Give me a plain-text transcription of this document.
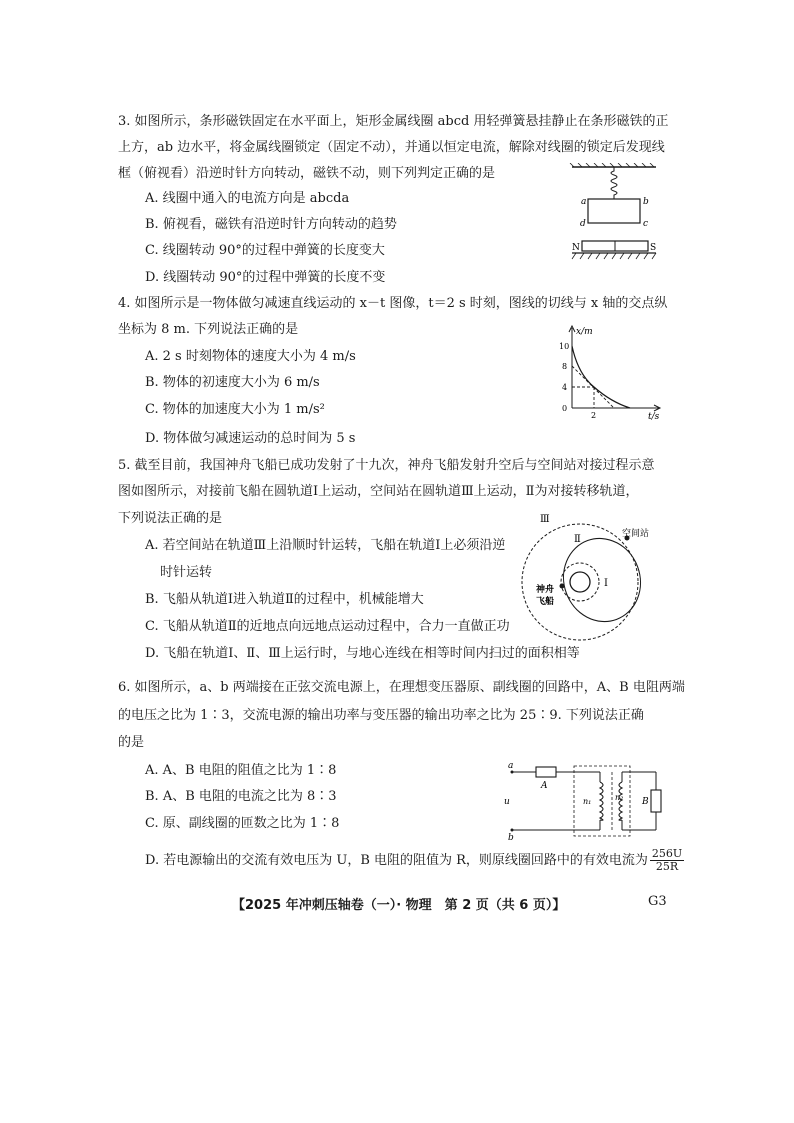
3. 如图所示，条形磁铁固定在水平面上，矩形金属线圈 abcd 用轻弹簧悬挂静止在条形磁铁的正
上方，ab 边水平，将金属线圈锁定（固定不动），并通以恒定电流，解除对线圈的锁定后发现线
框（俯视看）沿逆时针方向转动，磁铁不动，则下列判定正确的是
A. 线圈中通入的电流方向是 abcda
B. 俯视看，磁铁有沿逆时针方向转动的趋势
C. 线圈转动 90°的过程中弹簧的长度变大
D. 线圈转动 90°的过程中弹簧的长度不变
a	b
c
d
N	S
4. 如图所示是一物体做匀减速直线运动的 x－t 图像，t＝2 s 时刻，图线的切线与 x 轴的交点纵
坐标为 8 m. 下列说法正确的是
A. 2 s 时刻物体的速度大小为 4 m/s
B. 物体的初速度大小为 6 m/s
C. 物体的加速度大小为 1 m/s²
D. 物体做匀减速运动的总时间为 5 s
x/m
t/s
10
8
4
0
2
5. 截至目前，我国神舟飞船已成功发射了十九次，神舟飞船发射升空后与空间站对接过程示意
图如图所示，对接前飞船在圆轨道Ⅰ上运动，空间站在圆轨道Ⅲ上运动，Ⅱ为对接转移轨道，
下列说法正确的是
A. 若空间站在轨道Ⅲ上沿顺时针运转，飞船在轨道Ⅰ上必须沿逆
时针运转
B. 飞船从轨道Ⅰ进入轨道Ⅱ的过程中，机械能增大
C. 飞船从轨道Ⅱ的近地点向远地点运动过程中，合力一直做正功
D. 飞船在轨道Ⅰ、Ⅱ、Ⅲ上运行时，与地心连线在相等时间内扫过的面积相等
Ⅲ
Ⅱ
Ⅰ
空间站
神舟
飞船
6. 如图所示，a、b 两端接在正弦交流电源上，在理想变压器原、副线圈的回路中，A、B 电阻两端
的电压之比为 1∶3，交流电源的输出功率与变压器的输出功率之比为 25∶9. 下列说法正确
的是
A. A、B 电阻的阻值之比为 1∶8
B. A、B 电阻的电流之比为 8∶3
C. 原、副线圈的匝数之比为 1∶8
D. 若电源输出的交流有效电压为 U，B 电阻的阻值为 R，则原线圈回路中的有效电流为 $\frac{256U}{25R}$
a
b
u
A
n₁	n₂ B
【2025 年冲刺压轴卷（一）· 物理　第 2 页（共 6 页）】	G3
